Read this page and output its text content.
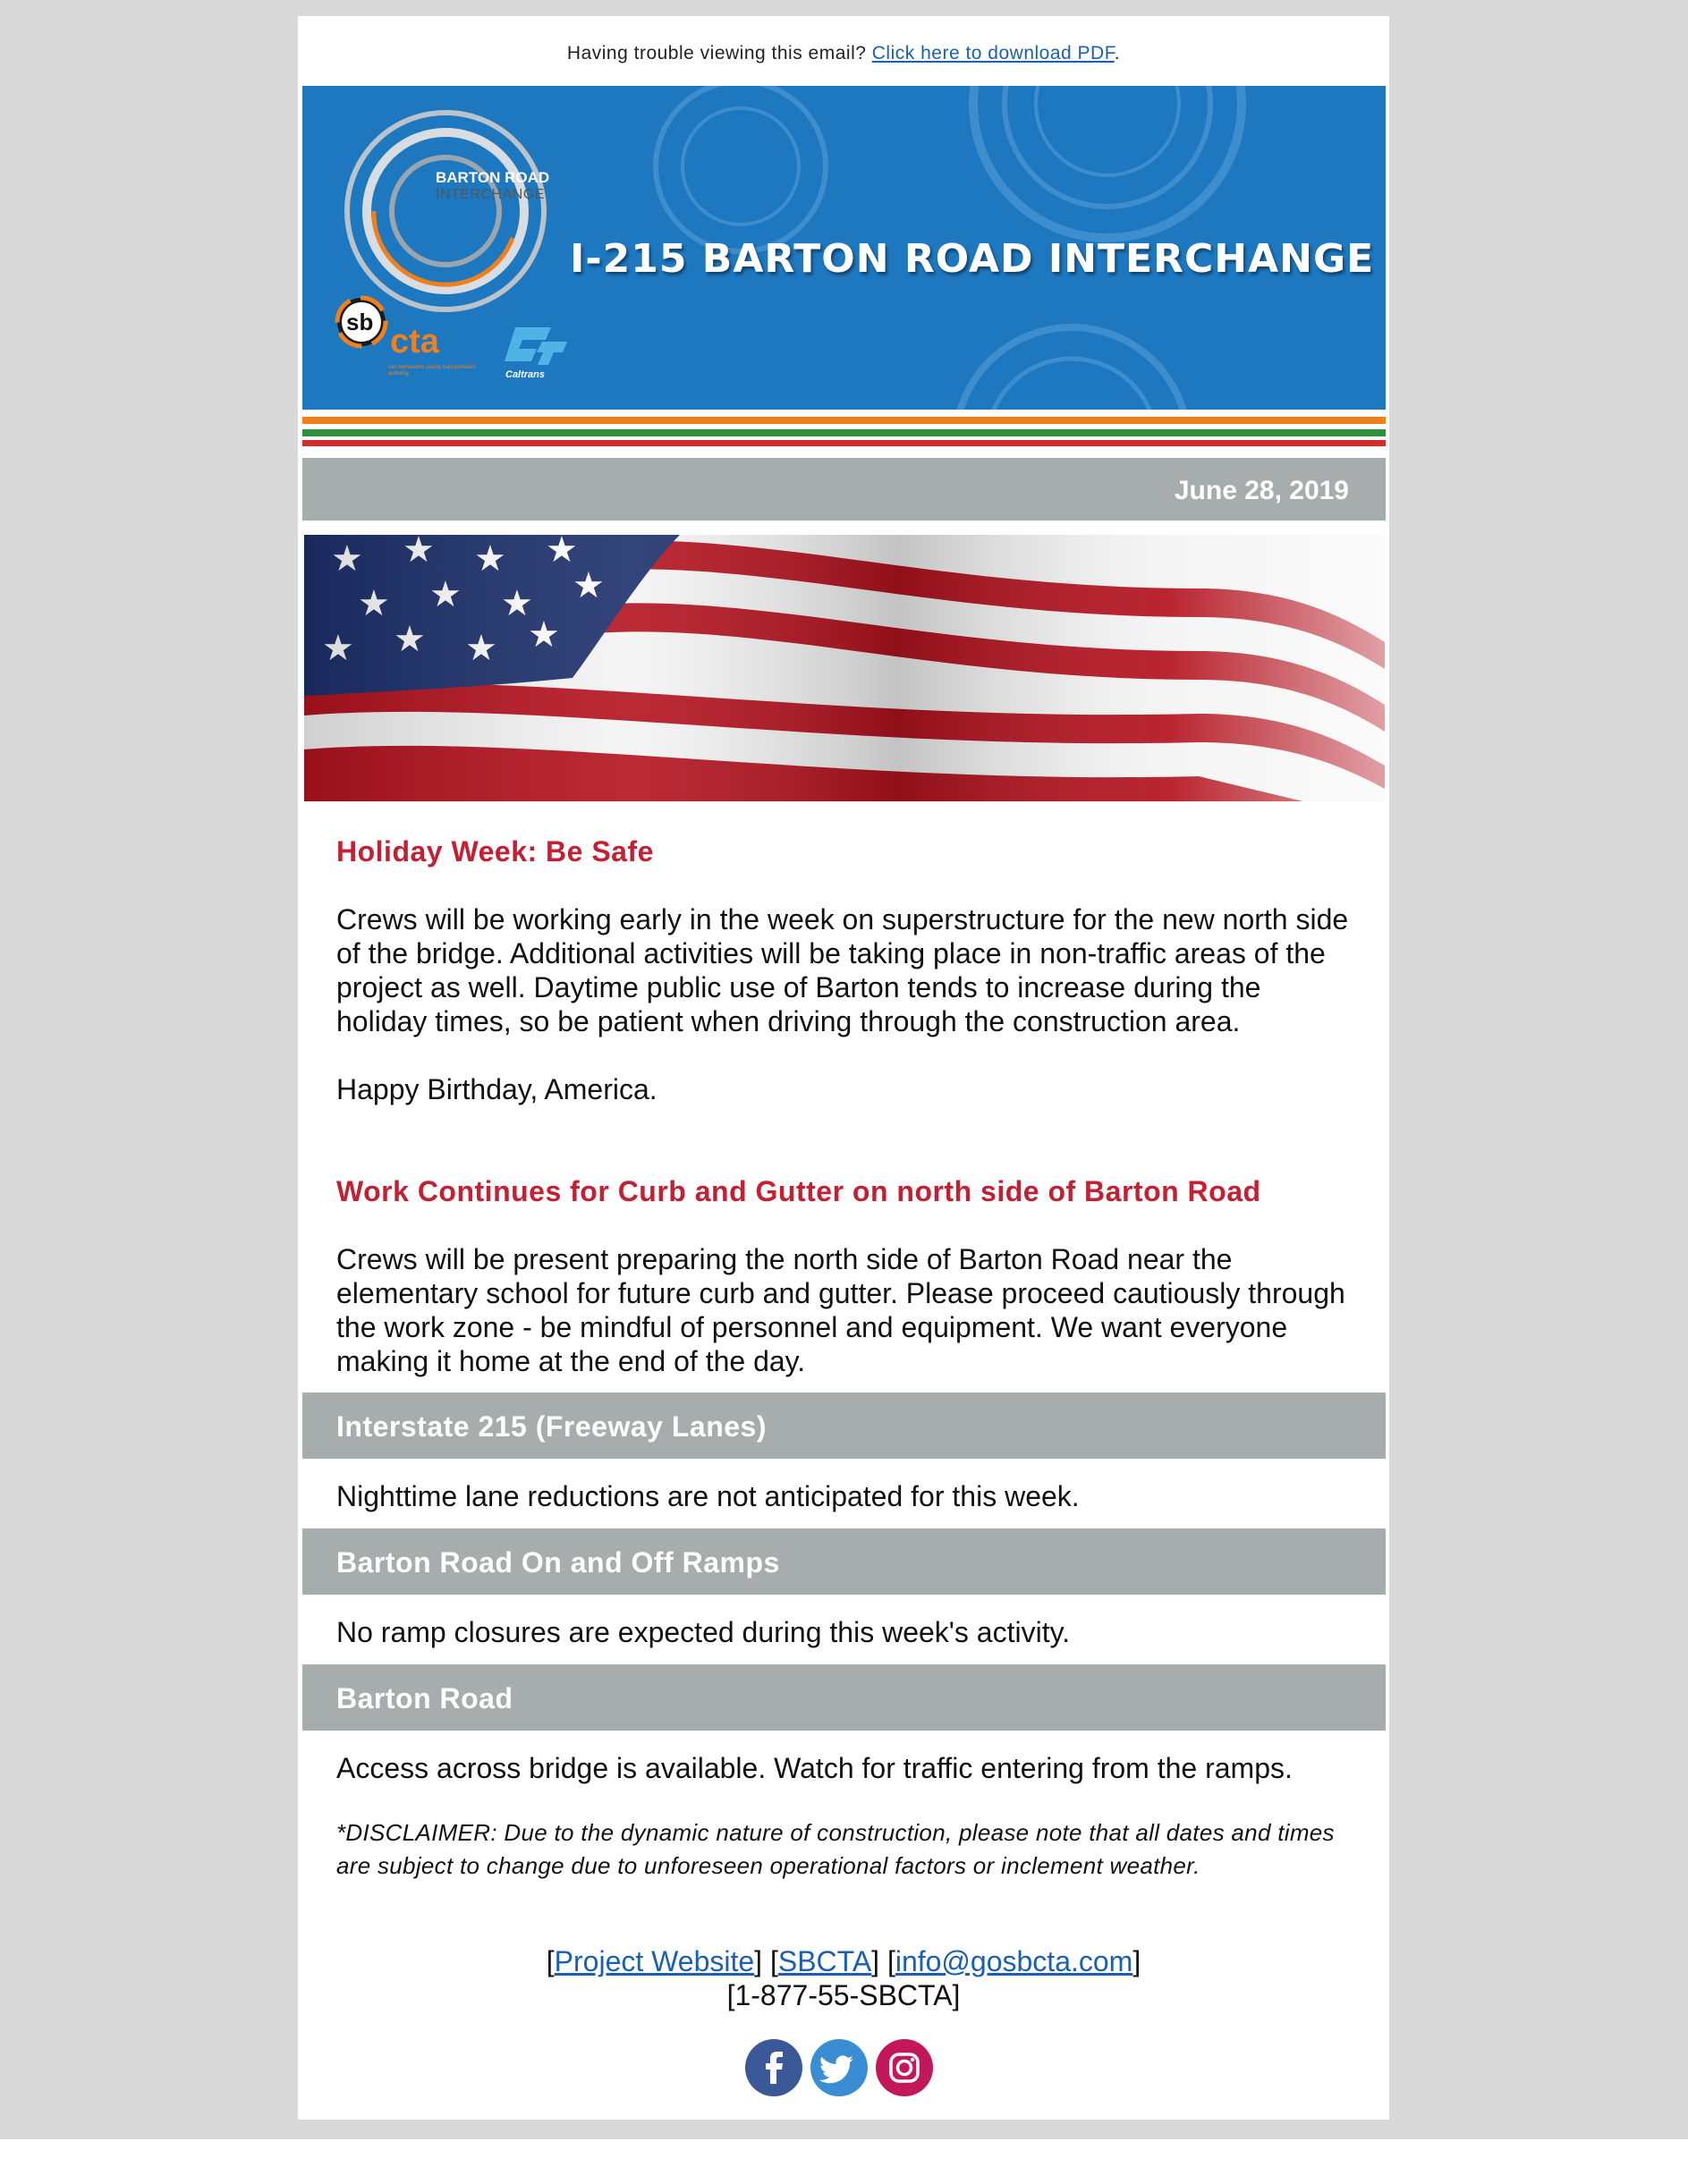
Having trouble viewing this email? Click here to download PDF.
BARTON ROAD
INTERCHANGE
sb
cta
san bernardino county transportation authority	Caltrans
I-215 BARTON ROAD INTERCHANGE
June 28, 2019
Holiday Week: Be Safe

Crews will be working early in the week on superstructure for the new north side of the bridge. Additional activities will be taking place in non-traffic areas of the project as well. Daytime public use of Barton tends to increase during the holiday times, so be patient when driving through the construction area.

Happy Birthday, America.

Work Continues for Curb and Gutter on north side of Barton Road

Crews will be present preparing the north side of Barton Road near the elementary school for future curb and gutter. Please proceed cautiously through the work zone - be mindful of personnel and equipment. We want everyone making it home at the end of the day.

Interstate 215 (Freeway Lanes)

Nighttime lane reductions are not anticipated for this week.

Barton Road On and Off Ramps

No ramp closures are expected during this week's activity.

Barton Road

Access across bridge is available. Watch for traffic entering from the ramps.

*DISCLAIMER: Due to the dynamic nature of construction, please note that all dates and times are subject to change due to unforeseen operational factors or inclement weather.
[Project Website] [SBCTA] [info@gosbcta.com]
[1-877-55-SBCTA]
